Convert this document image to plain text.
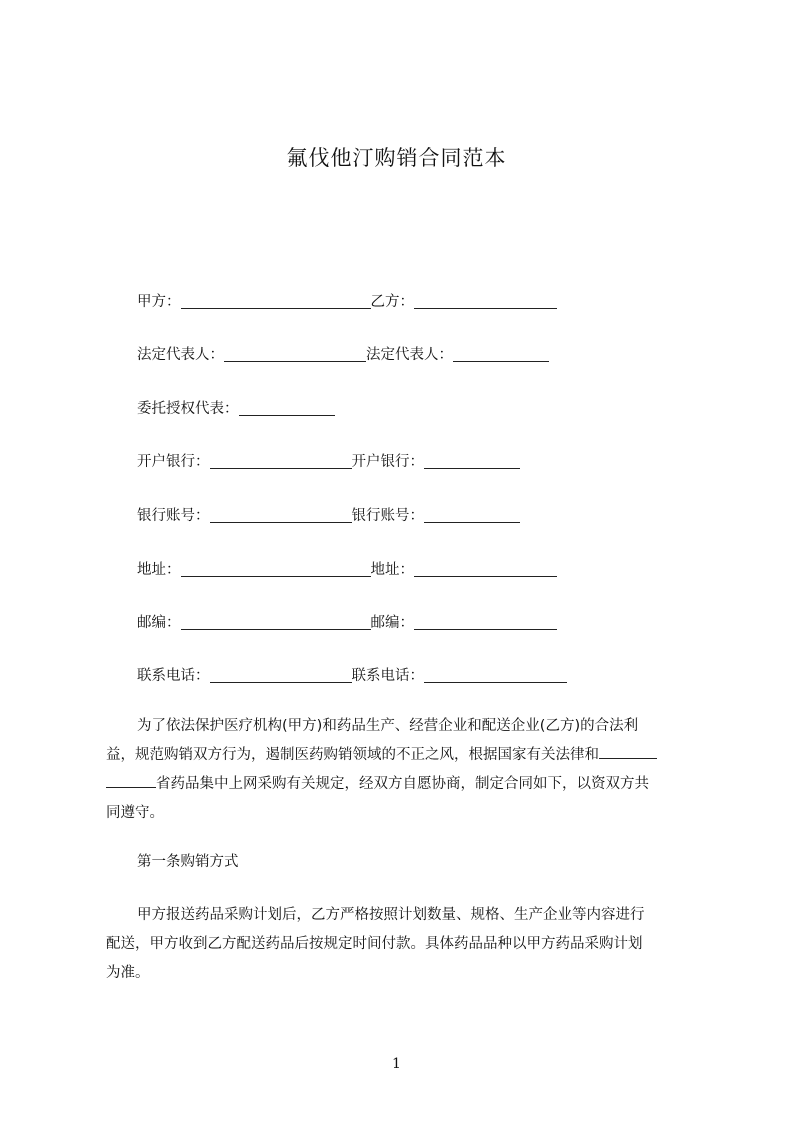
氟伐他汀购销合同范本
甲方：	乙方：
法定代表人：	法定代表人：
委托授权代表：
开户银行：	开户银行：
银行账号：	银行账号：
地址：	地址：
邮编：	邮编：
联系电话：	联系电话：
为了依法保护医疗机构(甲方)和药品生产、经营企业和配送企业(乙方)的合法利
益，规范购销双方行为，遏制医药购销领域的不正之风，根据国家有关法律和
省药品集中上网采购有关规定，经双方自愿协商，制定合同如下，以资双方共
同遵守。
第一条购销方式
甲方报送药品采购计划后，乙方严格按照计划数量、规格、生产企业等内容进行
配送，甲方收到乙方配送药品后按规定时间付款。具体药品品种以甲方药品采购计划
为准。
1
